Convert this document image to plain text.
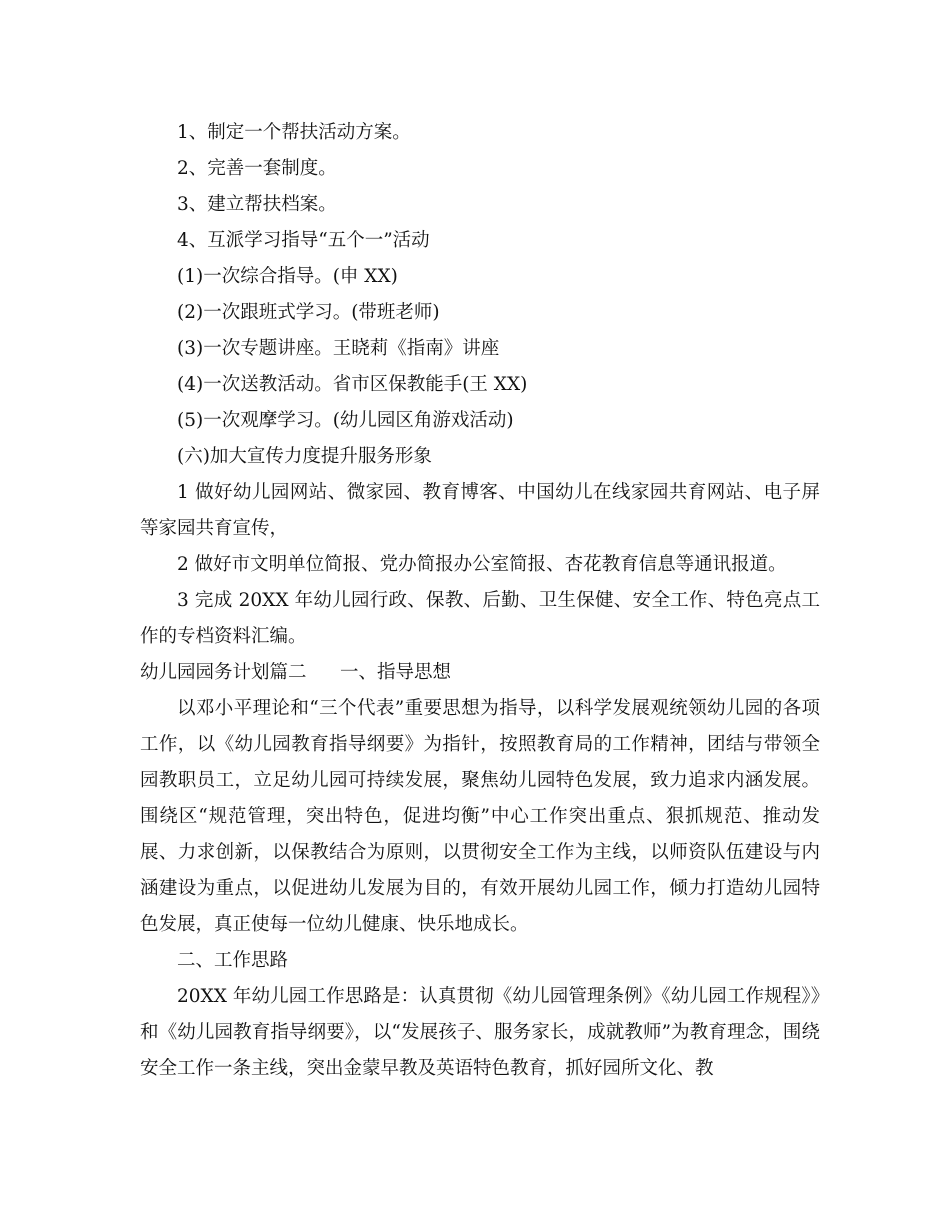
1、制定一个帮扶活动方案。

2、完善一套制度。

3、建立帮扶档案。

4、互派学习指导“五个一”活动

(1)一次综合指导。(申 XX)

(2)一次跟班式学习。(带班老师)

(3)一次专题讲座。王晓莉《指南》讲座

(4)一次送教活动。省市区保教能手(王 XX)

(5)一次观摩学习。(幼儿园区角游戏活动)

(六)加大宣传力度提升服务形象

1 做好幼儿园网站、微家园、教育博客、中国幼儿在线家园共育网站、电子屏等家园共育宣传，

2 做好市文明单位简报、党办简报办公室简报、杏花教育信息等通讯报道。

3 完成 20XX 年幼儿园行政、保教、后勤、卫生保健、安全工作、特色亮点工作的专档资料汇编。

幼儿园园务计划篇二	一、指导思想

以邓小平理论和“三个代表”重要思想为指导，以科学发展观统领幼儿园的各项工作，以《幼儿园教育指导纲要》为指针，按照教育局的工作精神，团结与带领全园教职员工，立足幼儿园可持续发展，聚焦幼儿园特色发展，致力追求内涵发展。围绕区“规范管理，突出特色，促进均衡”中心工作突出重点、狠抓规范、推动发展、力求创新，以保教结合为原则，以贯彻安全工作为主线，以师资队伍建设与内涵建设为重点，以促进幼儿发展为目的，有效开展幼儿园工作，倾力打造幼儿园特色发展，真正使每一位幼儿健康、快乐地成长。

二、工作思路

20XX 年幼儿园工作思路是：认真贯彻《幼儿园管理条例》《幼儿园工作规程》》和《幼儿园教育指导纲要》，以“发展孩子、服务家长，成就教师”为教育理念，围绕安全工作一条主线，突出金蒙早教及英语特色教育，抓好园所文化、教
